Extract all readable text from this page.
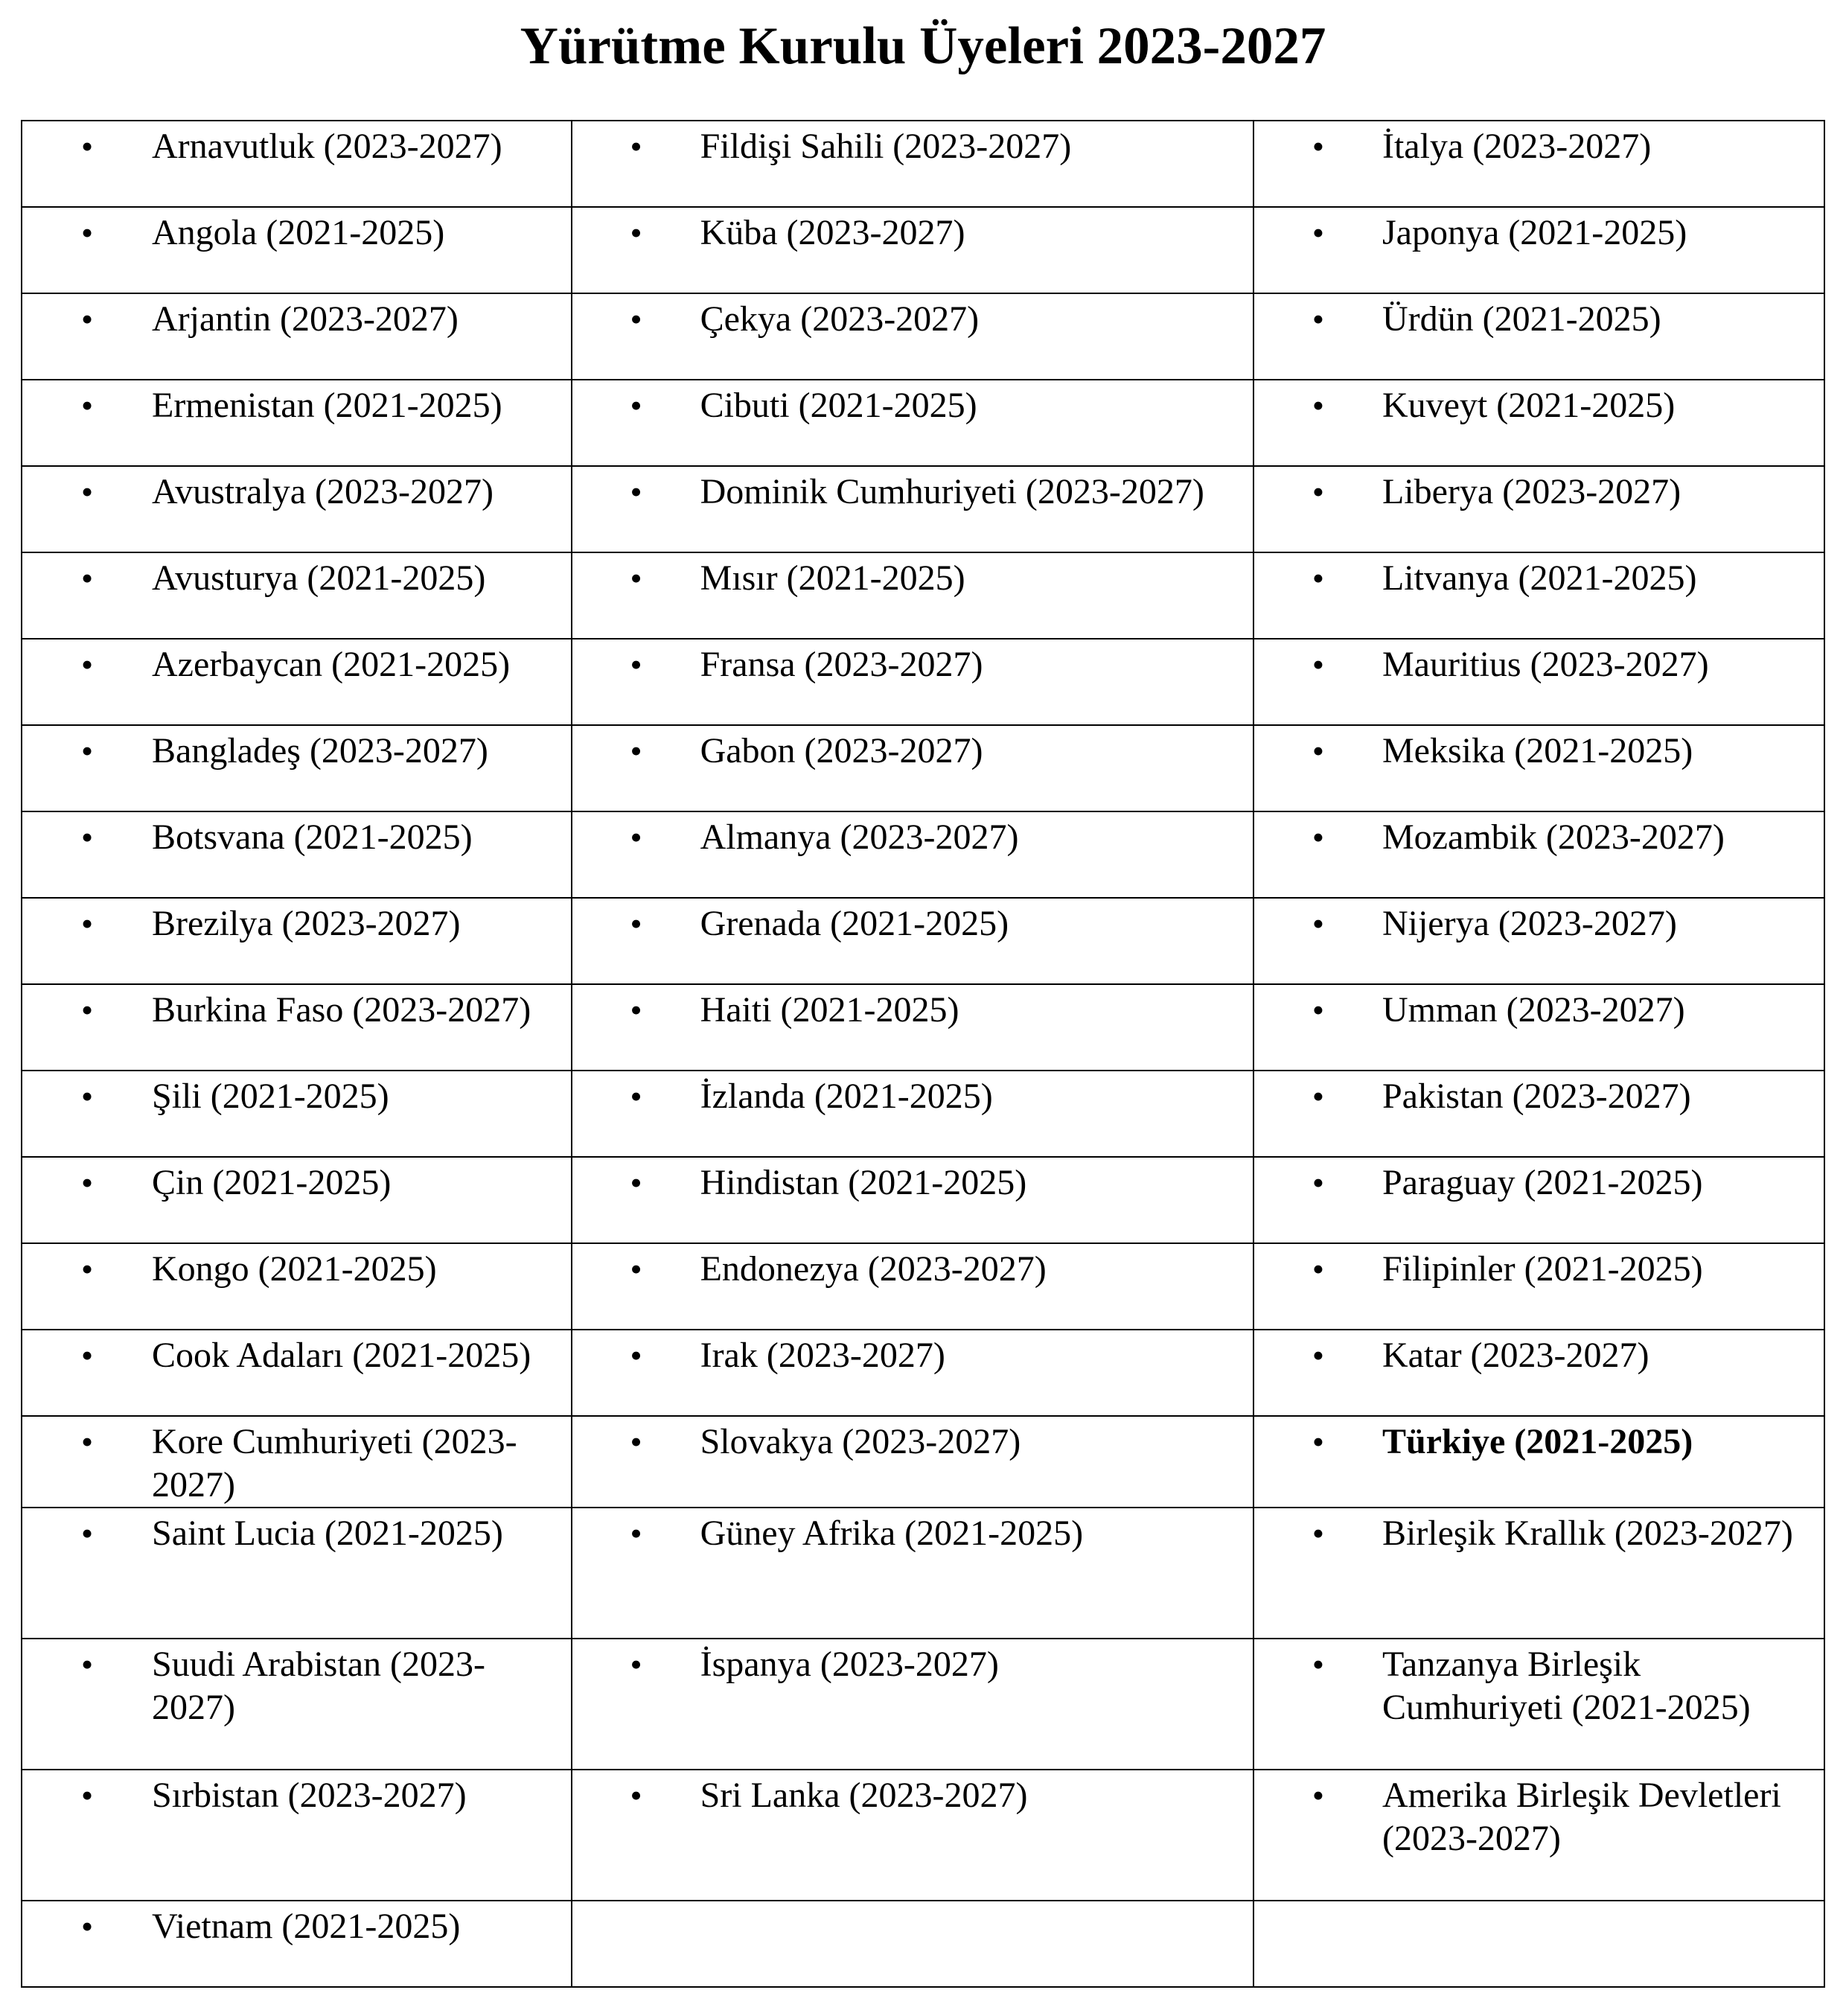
Yürütme Kurulu Üyeleri 2023-2027
• Arnavutluk (2023-2027)	• Fildişi Sahili (2023-2027)	• İtalya (2023-2027)

• Angola (2021-2025)	• Küba (2023-2027)	• Japonya (2021-2025)

• Arjantin (2023-2027)	• Çekya (2023-2027)	• Ürdün (2021-2025)

• Ermenistan (2021-2025)	• Cibuti (2021-2025)	• Kuveyt (2021-2025)

• Avustralya (2023-2027)	• Dominik Cumhuriyeti (2023-2027)	• Liberya (2023-2027)

• Avusturya (2021-2025)	• Mısır (2021-2025)	• Litvanya (2021-2025)

• Azerbaycan (2021-2025)	• Fransa (2023-2027)	• Mauritius (2023-2027)

• Bangladeş (2023-2027)	• Gabon (2023-2027)	• Meksika (2021-2025)

• Botsvana (2021-2025)	• Almanya (2023-2027)	• Mozambik (2023-2027)

• Brezilya (2023-2027)	• Grenada (2021-2025)	• Nijerya (2023-2027)

• Burkina Faso (2023-2027)	• Haiti (2021-2025)	• Umman (2023-2027)

• Şili (2021-2025)	• İzlanda (2021-2025)	• Pakistan (2023-2027)

• Çin (2021-2025)	• Hindistan (2021-2025)	• Paraguay (2021-2025)

• Kongo (2021-2025)	• Endonezya (2023-2027)	• Filipinler (2021-2025)

• Cook Adaları (2021-2025)	• Irak (2023-2027)	• Katar (2023-2027)

• Kore Cumhuriyeti (2023-2027)	• Slovakya (2023-2027)	• Türkiye (2021-2025)

• Saint Lucia (2021-2025)	• Güney Afrika (2021-2025)	• Birleşik Krallık (2023-2027)

• Suudi Arabistan (2023-2027)	• İspanya (2023-2027)	• Tanzanya Birleşik Cumhuriyeti (2021-2025)

• Sırbistan (2023-2027)	• Sri Lanka (2023-2027)	• Amerika Birleşik Devletleri (2023-2027)

• Vietnam (2021-2025)		
